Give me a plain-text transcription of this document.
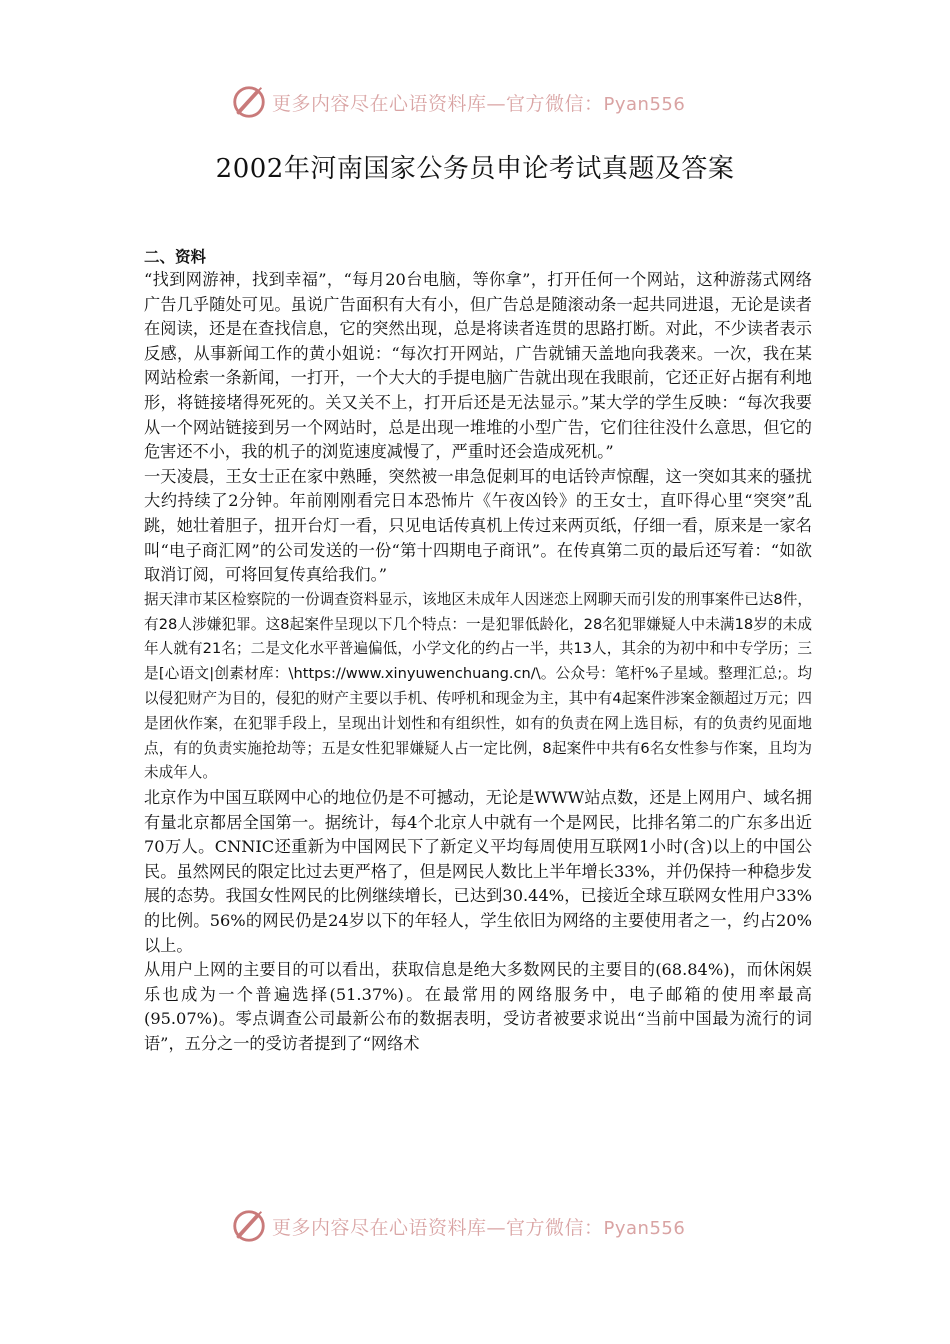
更多内容尽在心语资料库—官方微信：Pyan556
2002年河南国家公务员申论考试真题及答案

二、资料

“找到网游神，找到幸福”，“每月20台电脑，等你拿”，打开任何一个网站，这种游荡式网络广告几乎随处可见。虽说广告面积有大有小，但广告总是随滚动条一起共同进退，无论是读者在阅读，还是在查找信息，它的突然出现，总是将读者连贯的思路打断。对此，不少读者表示反感，从事新闻工作的黄小姐说：“每次打开网站，广告就铺天盖地向我袭来。一次，我在某网站检索一条新闻，一打开，一个大大的手提电脑广告就出现在我眼前，它还正好占据有利地形，将链接堵得死死的。关又关不上，打开后还是无法显示。”某大学的学生反映：“每次我要从一个网站链接到另一个网站时，总是出现一堆堆的小型广告，它们往往没什么意思，但它的危害还不小，我的机子的浏览速度减慢了，严重时还会造成死机。”

一天凌晨，王女士正在家中熟睡，突然被一串急促刺耳的电话铃声惊醒，这一突如其来的骚扰大约持续了2分钟。年前刚刚看完日本恐怖片《午夜凶铃》的王女士，直吓得心里“突突”乱跳，她壮着胆子，扭开台灯一看，只见电话传真机上传过来两页纸，仔细一看，原来是一家名叫“电子商汇网”的公司发送的一份“第十四期电子商讯”。在传真第二页的最后还写着：“如欲取消订阅，可将回复传真给我们。”

据天津市某区检察院的一份调查资料显示，该地区未成年人因迷恋上网聊天而引发的刑事案件已达8件，有28人涉嫌犯罪。这8起案件呈现以下几个特点：一是犯罪低龄化，28名犯罪嫌疑人中未满18岁的未成年人就有21名；二是文化水平普遍偏低，小学文化的约占一半，共13人，其余的为初中和中专学历；三是[心语文|创素材库：\https://www.xinyuwenchuang.cn/\。公众号：笔杆%子星域。整理汇总;。均以侵犯财产为目的，侵犯的财产主要以手机、传呼机和现金为主，其中有4起案件涉案金额超过万元；四是团伙作案，在犯罪手段上，呈现出计划性和有组织性，如有的负责在网上选目标，有的负责约见面地点，有的负责实施抢劫等；五是女性犯罪嫌疑人占一定比例，8起案件中共有6名女性参与作案，且均为未成年人。

北京作为中国互联网中心的地位仍是不可撼动，无论是WWW站点数，还是上网用户、域名拥有量北京都居全国第一。据统计，每4个北京人中就有一个是网民，比排名第二的广东多出近70万人。CNNIC还重新为中国网民下了新定义平均每周使用互联网1小时(含)以上的中国公民。虽然网民的限定比过去更严格了，但是网民人数比上半年增长33%，并仍保持一种稳步发展的态势。我国女性网民的比例继续增长，已达到30.44%，已接近全球互联网女性用户33%的比例。56%的网民仍是24岁以下的年轻人，学生依旧为网络的主要使用者之一，约占20%以上。

从用户上网的主要目的可以看出，获取信息是绝大多数网民的主要目的(68.84%)，而休闲娱乐也成为一个普遍选择(51.37%)。在最常用的网络服务中，电子邮箱的使用率最高(95.07%)。零点调查公司最新公布的数据表明，受访者被要求说出“当前中国最为流行的词语”，五分之一的受访者提到了“网络术

更多内容尽在心语资料库—官方微信：Pyan556
